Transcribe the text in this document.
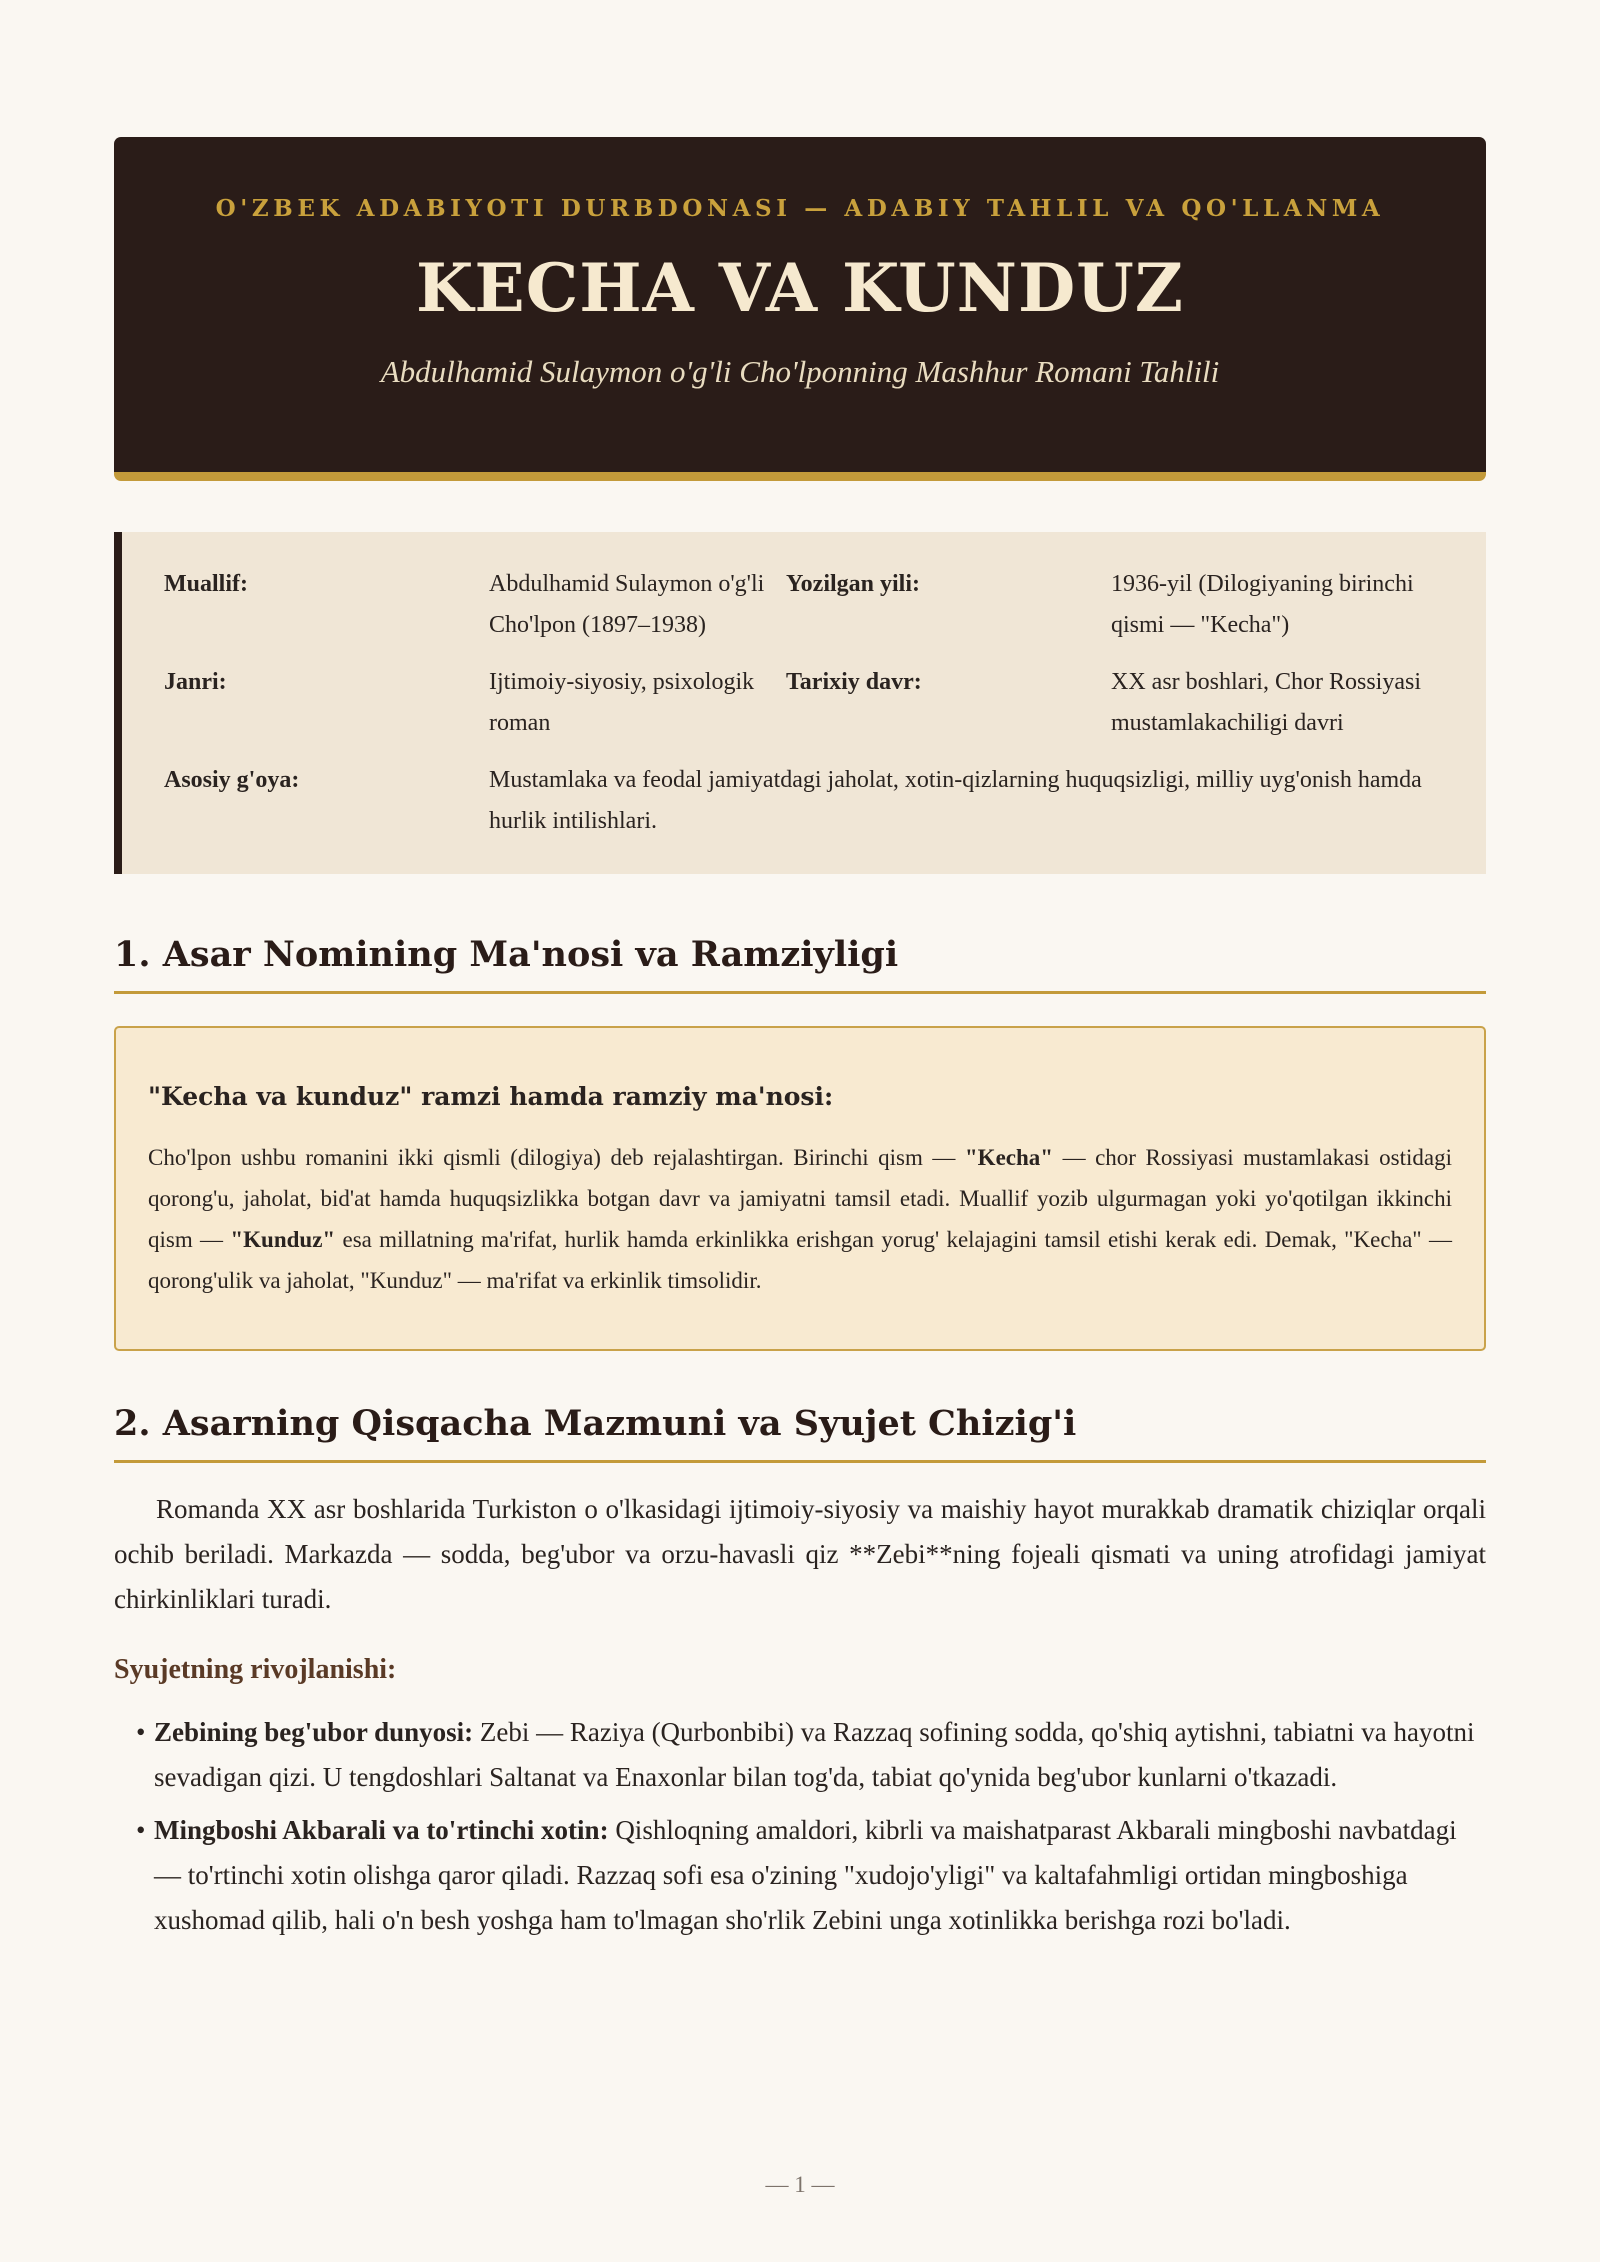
O'ZBEK ADABIYOTI DURBDONASI — ADABIY TAHLIL VA QO'LLANMA
KECHA VA KUNDUZ
Abdulhamid Sulaymon o'g'li Cho'lponning Mashhur Romani Tahlili
Muallif:	Abdulhamid Sulaymon o'g'li Cho'lpon (1897–1938)
Yozilgan yili:	1936-yil (Dilogiyaning birinchi qismi — "Kecha")
Janri:	Ijtimoiy-siyosiy, psixologik roman
Tarixiy davr:	XX asr boshlari, Chor Rossiyasi mustamlakachiligi davri
Asosiy g'oya:	Mustamlaka va feodal jamiyatdagi jaholat, xotin-qizlarning huquqsizligi, milliy uyg'onish hamda hurlik intilishlari.
1. Asar Nomining Ma'nosi va Ramziyligi
"Kecha va kunduz" ramzi hamda ramziy ma'nosi:

Cho'lpon ushbu romanini ikki qismli (dilogiya) deb rejalashtirgan. Birinchi qism — "Kecha" — chor Rossiyasi mustamlakasi ostidagi qorong'u, jaholat, bid'at hamda huquqsizlikka botgan davr va jamiyatni tamsil etadi. Muallif yozib ulgurmagan yoki yo'qotilgan ikkinchi qism — "Kunduz" esa millatning ma'rifat, hurlik hamda erkinlikka erishgan yorug' kelajagini tamsil etishi kerak edi. Demak, "Kecha" — qorong'ulik va jaholat, "Kunduz" — ma'rifat va erkinlik timsolidir.

2. Asarning Qisqacha Mazmuni va Syujet Chizig'i

Romanda XX asr boshlarida Turkiston o o'lkasidagi ijtimoiy-siyosiy va maishiy hayot murakkab dramatik chiziqlar orqali ochib beriladi. Markazda — sodda, beg'ubor va orzu-havasli qiz **Zebi**ning fojeali qismati va uning atrofidagi jamiyat chirkinliklari turadi.

Syujetning rivojlanishi:
• Zebining beg'ubor dunyosi: Zebi — Raziya (Qurbonbibi) va Razzaq sofining sodda, qo'shiq aytishni, tabiatni va hayotni sevadigan qizi. U tengdoshlari Saltanat va Enaxonlar bilan tog'da, tabiat qo'ynida beg'ubor kunlarni o'tkazadi.
• Mingboshi Akbarali va to'rtinchi xotin: Qishloqning amaldori, kibrli va maishatparast Akbarali mingboshi navbatdagi — to'rtinchi xotin olishga qaror qiladi. Razzaq sofi esa o'zining "xudojo'yligi" va kaltafahmligi ortidan mingboshiga xushomad qilib, hali o'n besh yoshga ham to'lmagan sho'rlik Zebini unga xotinlikka berishga rozi bo'ladi.
— 1 —
